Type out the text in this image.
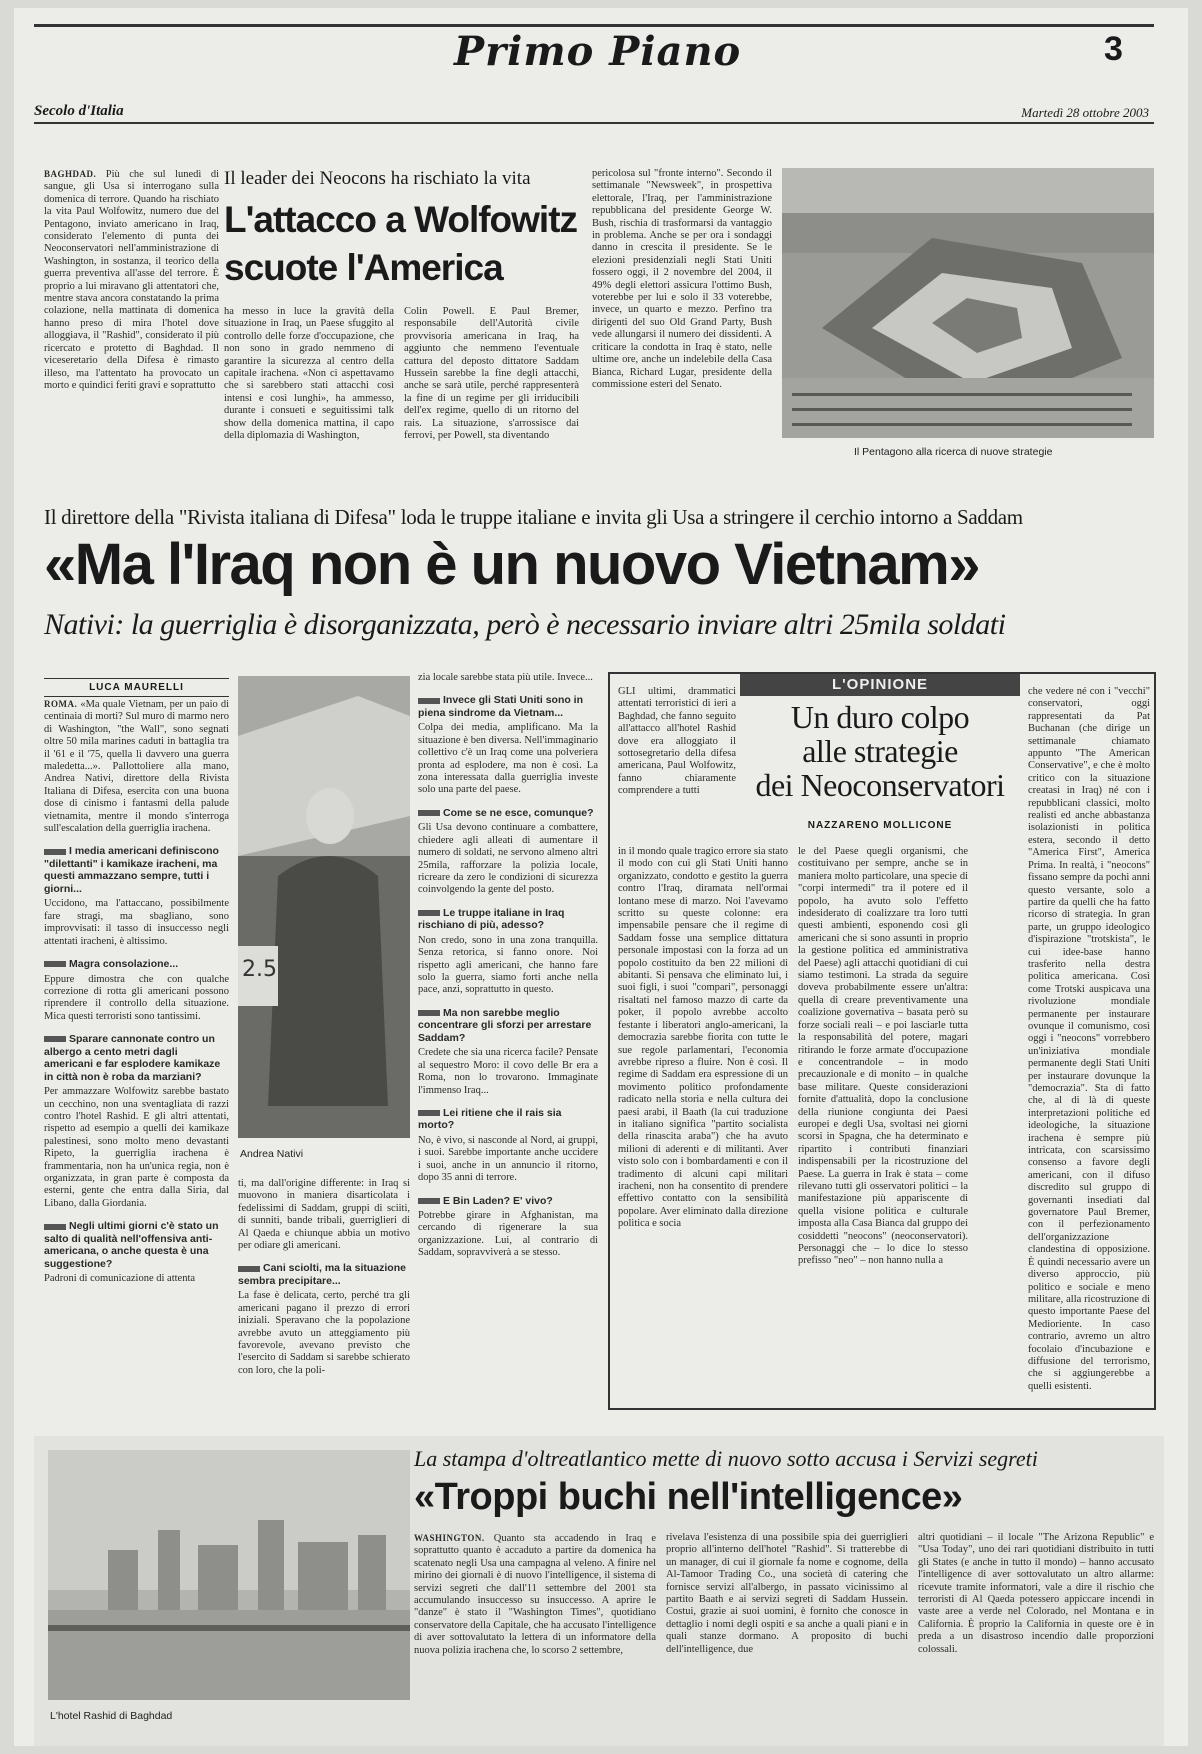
Primo Piano	3
Secolo d'Italia	Martedì 28 ottobre 2003

BAGHDAD. Più che sul lunedì di sangue, gli Usa si interrogano sulla domenica di terrore. Quando ha rischiato la vita Paul Wolfowitz, numero due del Pentagono, inviato americano in Iraq, considerato l'elemento di punta dei Neoconservatori nell'amministrazione di Washington, in sostanza, il teorico della guerra preventiva all'asse del terrore. È proprio a lui miravano gli attentatori che, mentre stava ancora constatando la prima colazione, nella mattinata di domenica hanno preso di mira l'hotel dove alloggiava, il "Rashid", considerato il più ricercato e protetto di Baghdad. Il viceseretario della Difesa è rimasto illeso, ma l'attentato ha provocato un morto e quindici feriti gravi e soprattutto

Il leader dei Neocons ha rischiato la vita
L'attacco a Wolfowitz
scuote l'America

ha messo in luce la gravità della situazione in Iraq, un Paese sfuggito al controllo delle forze d'occupazione, che non sono in grado nemmeno di garantire la sicurezza al centro della capitale irachena. «Non ci aspettavamo che si sarebbero stati attacchi così intensi e così lunghi», ha ammesso, durante i consueti e seguitissimi talk show della domenica mattina, il capo della diplomazia di Washington,

Colin Powell. E Paul Bremer, responsabile dell'Autorità civile provvisoria americana in Iraq, ha aggiunto che nemmeno l'eventuale cattura del deposto dittatore Saddam Hussein sarebbe la fine degli attacchi, anche se sarà utile, perché rappresenterà la fine di un regime per gli irriducibili dell'ex regime, quello di un ritorno del rais. La situazione, s'arrossisce dai ferrovi, per Powell, sta diventando

pericolosa sul "fronte interno". Secondo il settimanale "Newsweek", in prospettiva elettorale, l'Iraq, per l'amministrazione repubblicana del presidente George W. Bush, rischia di trasformarsi da vantaggio in problema. Anche se per ora i sondaggi danno in crescita il presidente. Se le elezioni presidenziali negli Stati Uniti fossero oggi, il 2 novembre del 2004, il 49% degli elettori assicura l'ottimo Bush, voterebbe per lui e solo il 33 voterebbe, invece, un quarto e mezzo. Perfino tra dirigenti del suo Old Grand Party, Bush vede allungarsi il numero dei dissidenti. A criticare la condotta in Iraq è stato, nelle ultime ore, anche un indelebile della Casa Bianca, Richard Lugar, presidente della commissione esteri del Senato.

Il Pentagono alla ricerca di nuove strategie
Il direttore della "Rivista italiana di Difesa" loda le truppe italiane e invita gli Usa a stringere il cerchio intorno a Saddam
«Ma l'Iraq non è un nuovo Vietnam»
Nativi: la guerriglia è disorganizzata, però è necessario inviare altri 25mila soldati
LUCA MAURELLI

ROMA. «Ma quale Vietnam, per un paio di centinaia di morti? Sul muro di marmo nero di Washington, "the Wall", sono segnati oltre 50 mila marines caduti in battaglia tra il '61 e il '75, quella lì davvero una guerra maledetta...». Pallottoliere alla mano, Andrea Nativi, direttore della Rivista Italiana di Difesa, esercita con una buona dose di cinismo i fantasmi della palude vietnamita, mentre il mondo s'interroga sull'escalation della guerriglia irachena.

I media americani definiscono "dilettanti" i kamikaze iracheni, ma questi ammazzano sempre, tutti i giorni...

Uccidono, ma l'attaccano, possibilmente fare stragi, ma sbagliano, sono improvvisati: il tasso di insuccesso negli attentati iracheni, è altissimo.

Magra consolazione...

Eppure dimostra che con qualche correzione di rotta gli americani possono riprendere il controllo della situazione. Mica questi terroristi sono tantissimi.

Sparare cannonate contro un albergo a cento metri dagli americani e far esplodere kamikaze in città non è roba da marziani?

Per ammazzare Wolfowitz sarebbe bastato un cecchino, non una sventagliata di razzi contro l'hotel Rashid. E gli altri attentati, rispetto ad esempio a quelli dei kamikaze palestinesi, sono molto meno devastanti Ripeto, la guerriglia irachena è frammentaria, non ha un'unica regia, non è organizzata, in gran parte è composta da esterni, gente che entra dalla Siria, dal Libano, dalla Giordania.

Negli ultimi giorni c'è stato un salto di qualità nell'offensiva anti-americana, o anche questa è una suggestione?

Padroni di comunicazione di attenta

2.5
Andrea Nativi

ti, ma dall'origine differente: in Iraq si muovono in maniera disarticolata i fedelissimi di Saddam, gruppi di sciiti, di sunniti, bande tribali, guerriglieri di Al Qaeda e chiunque abbia un motivo per odiare gli americani.

Cani sciolti, ma la situazione sembra precipitare...

La fase è delicata, certo, perché tra gli americani pagano il prezzo di errori iniziali. Speravano che la popolazione avrebbe avuto un atteggiamento più favorevole, avevano previsto che l'esercito di Saddam si sarebbe schierato con loro, che la poli-

zia locale sarebbe stata più utile. Invece...

Invece gli Stati Uniti sono in piena sindrome da Vietnam...

Colpa dei media, amplificano. Ma la situazione è ben diversa. Nell'immaginario collettivo c'è un Iraq come una polveriera pronta ad esplodere, ma non è così. La zona interessata dalla guerriglia investe solo una parte del paese.

Come se ne esce, comunque?

Gli Usa devono continuare a combattere, chiedere agli alleati di aumentare il numero di soldati, ne servono almeno altri 25mila, rafforzare la polizia locale, ricreare da zero le condizioni di sicurezza coinvolgendo la gente del posto.

Le truppe italiane in Iraq rischiano di più, adesso?

Non credo, sono in una zona tranquilla. Senza retorica, si fanno onore. Noi rispetto agli americani, che hanno fare solo la guerra, siamo forti anche nella pace, anzi, soprattutto in questo.

Ma non sarebbe meglio concentrare gli sforzi per arrestare Saddam?

Credete che sia una ricerca facile? Pensate al sequestro Moro: il covo delle Br era a Roma, non lo trovarono. Immaginate l'immenso Iraq...

Lei ritiene che il rais sia morto?

No, è vivo, si nasconde al Nord, ai gruppi, i suoi. Sarebbe importante anche uccidere i suoi, anche in un annuncio il ritorno, dopo 35 anni di terrore.

E Bin Laden? E' vivo?

Potrebbe girare in Afghanistan, ma cercando di rigenerare la sua organizzazione. Lui, al contrario di Saddam, sopravviverà a se stesso.

L'OPINIONE
Un duro colpo
alle strategie
dei Neoconservatori
NAZZARENO MOLLICONE

GLI ultimi, drammatici attentati terroristici di ieri a Baghdad, che fanno seguito all'attacco all'hotel Rashid dove era alloggiato il sottosegretario della difesa americana, Paul Wolfowitz, fanno chiaramente comprendere a tutti

in il mondo quale tragico errore sia stato il modo con cui gli Stati Uniti hanno organizzato, condotto e gestito la guerra contro l'Iraq, diramata nell'ormai lontano mese di marzo. Noi l'avevamo scritto su queste colonne: era impensabile pensare che il regime di Saddam fosse una semplice dittatura personale impostasi con la forza ad un popolo costituito da ben 22 milioni di abitanti. Si pensava che eliminato lui, i suoi figli, i suoi "compari", personaggi risaltati nel famoso mazzo di carte da poker, il popolo avrebbe accolto festante i liberatori anglo-americani, la democrazia sarebbe fiorita con tutte le sue regole parlamentari, l'economia avrebbe ripreso a fluire. Non è così. Il regime di Saddam era espressione di un movimento politico profondamente radicato nella storia e nella cultura dei paesi arabi, il Baath (la cui traduzione in italiano significa "partito socialista della rinascita araba") che ha avuto milioni di aderenti e di militanti. Aver visto solo con i bombardamenti e con il tradimento di alcuni capi militari iracheni, non ha consentito di prendere effettivo contatto con la sensibilità popolare. Aver eliminato dalla direzione politica e socia

le del Paese quegli organismi, che costituivano per sempre, anche se in maniera molto particolare, una specie di "corpi intermedi" tra il potere ed il popolo, ha avuto solo l'effetto indesiderato di coalizzare tra loro tutti questi ambienti, esponendo così gli americani che si sono assunti in proprio la gestione politica ed amministrativa del Paese) agli attacchi quotidiani di cui siamo testimoni. La strada da seguire doveva probabilmente essere un'altra: quella di creare preventivamente una coalizione governativa – basata però su forze sociali reali – e poi lasciarle tutta la responsabilità del potere, magari ritirando le forze armate d'occupazione e concentrandole – in modo precauzionale e di monito – in qualche base militare. Queste considerazioni fornite d'attualità, dopo la conclusione della riunione congiunta dei Paesi europei e degli Usa, svoltasi nei giorni scorsi in Spagna, che ha determinato e ripartito i contributi finanziari indispensabili per la ricostruzione del Paese. La guerra in Irak è stata – come rilevano tutti gli osservatori politici – la manifestazione più appariscente di quella visione politica e culturale imposta alla Casa Bianca dal gruppo dei cosiddetti "neocons" (neoconservatori). Personaggi che – lo dice lo stesso prefisso "neo" – non hanno nulla a

che vedere né con i "vecchi" conservatori, oggi rappresentati da Pat Buchanan (che dirige un settimanale chiamato appunto "The American Conservative", e che è molto critico con la situazione creatasi in Iraq) né con i repubblicani classici, molto realisti ed anche abbastanza isolazionisti in politica estera, secondo il detto "America First", America Prima. In realtà, i "neocons" fissano sempre da pochi anni questo versante, solo a partire da quelli che ha fatto ricorso di strategia. In gran parte, un gruppo ideologico d'ispirazione "trotskista", le cui idee-base hanno trasferito nella destra politica americana. Così come Trotski auspicava una rivoluzione mondiale permanente per instaurare ovunque il comunismo, così oggi i "neocons" vorrebbero un'iniziativa mondiale permanente degli Stati Uniti per instaurare dovunque la "democrazia". Sta di fatto che, al di là di queste interpretazioni politiche ed ideologiche, la situazione irachena è sempre più intricata, con scarsissimo consenso a favore degli americani, con il difuso discredito sul gruppo di governanti insediati dal governatore Paul Bremer, con il perfezionamento dell'organizzazione clandestina di opposizione. È quindi necessario avere un diverso approccio, più politico e sociale e meno militare, alla ricostruzione di questo importante Paese del Medioriente. In caso contrario, avremo un altro focolaio d'incubazione e diffusione del terrorismo, che si aggiungerebbe a quelli esistenti.

L'hotel Rashid di Baghdad
La stampa d'oltreatlantico mette di nuovo sotto accusa i Servizi segreti
«Troppi buchi nell'intelligence»

WASHINGTON. Quanto sta accadendo in Iraq e soprattutto quanto è accaduto a partire da domenica ha scatenato negli Usa una campagna al veleno. A finire nel mirino dei giornali è di nuovo l'intelligence, il sistema di servizi segreti che dall'11 settembre del 2001 sta accumulando insuccesso su insuccesso. A aprire le "danze" è stato il "Washington Times", quotidiano conservatore della Capitale, che ha accusato l'intelligence di aver sottovalutato la lettera di un informatore della nuova polizia irachena che, lo scorso 2 settembre,

rivelava l'esistenza di una possibile spia dei guerriglieri proprio all'interno dell'hotel "Rashid". Si tratterebbe di un manager, di cui il giornale fa nome e cognome, della Al-Tamoor Trading Co., una società di catering che fornisce servizi all'albergo, in passato vicinissimo al partito Baath e ai servizi segreti di Saddam Hussein. Costui, grazie ai suoi uomini, è fornito che conosce in dettaglio i nomi degli ospiti e sa anche a quali piani e in quali stanze dormano. A proposito di buchi dell'intelligence, due

altri quotidiani – il locale "The Arizona Republic" e "Usa Today", uno dei rari quotidiani distribuito in tutti gli States (e anche in tutto il mondo) – hanno accusato l'intelligence di aver sottovalutato un altro allarme: ricevute tramite informatori, vale a dire il rischio che terroristi di Al Qaeda potessero appiccare incendi in vaste aree a verde nel Colorado, nel Montana e in California. È proprio la California in queste ore è in preda a un disastroso incendio dalle proporzioni colossali.
